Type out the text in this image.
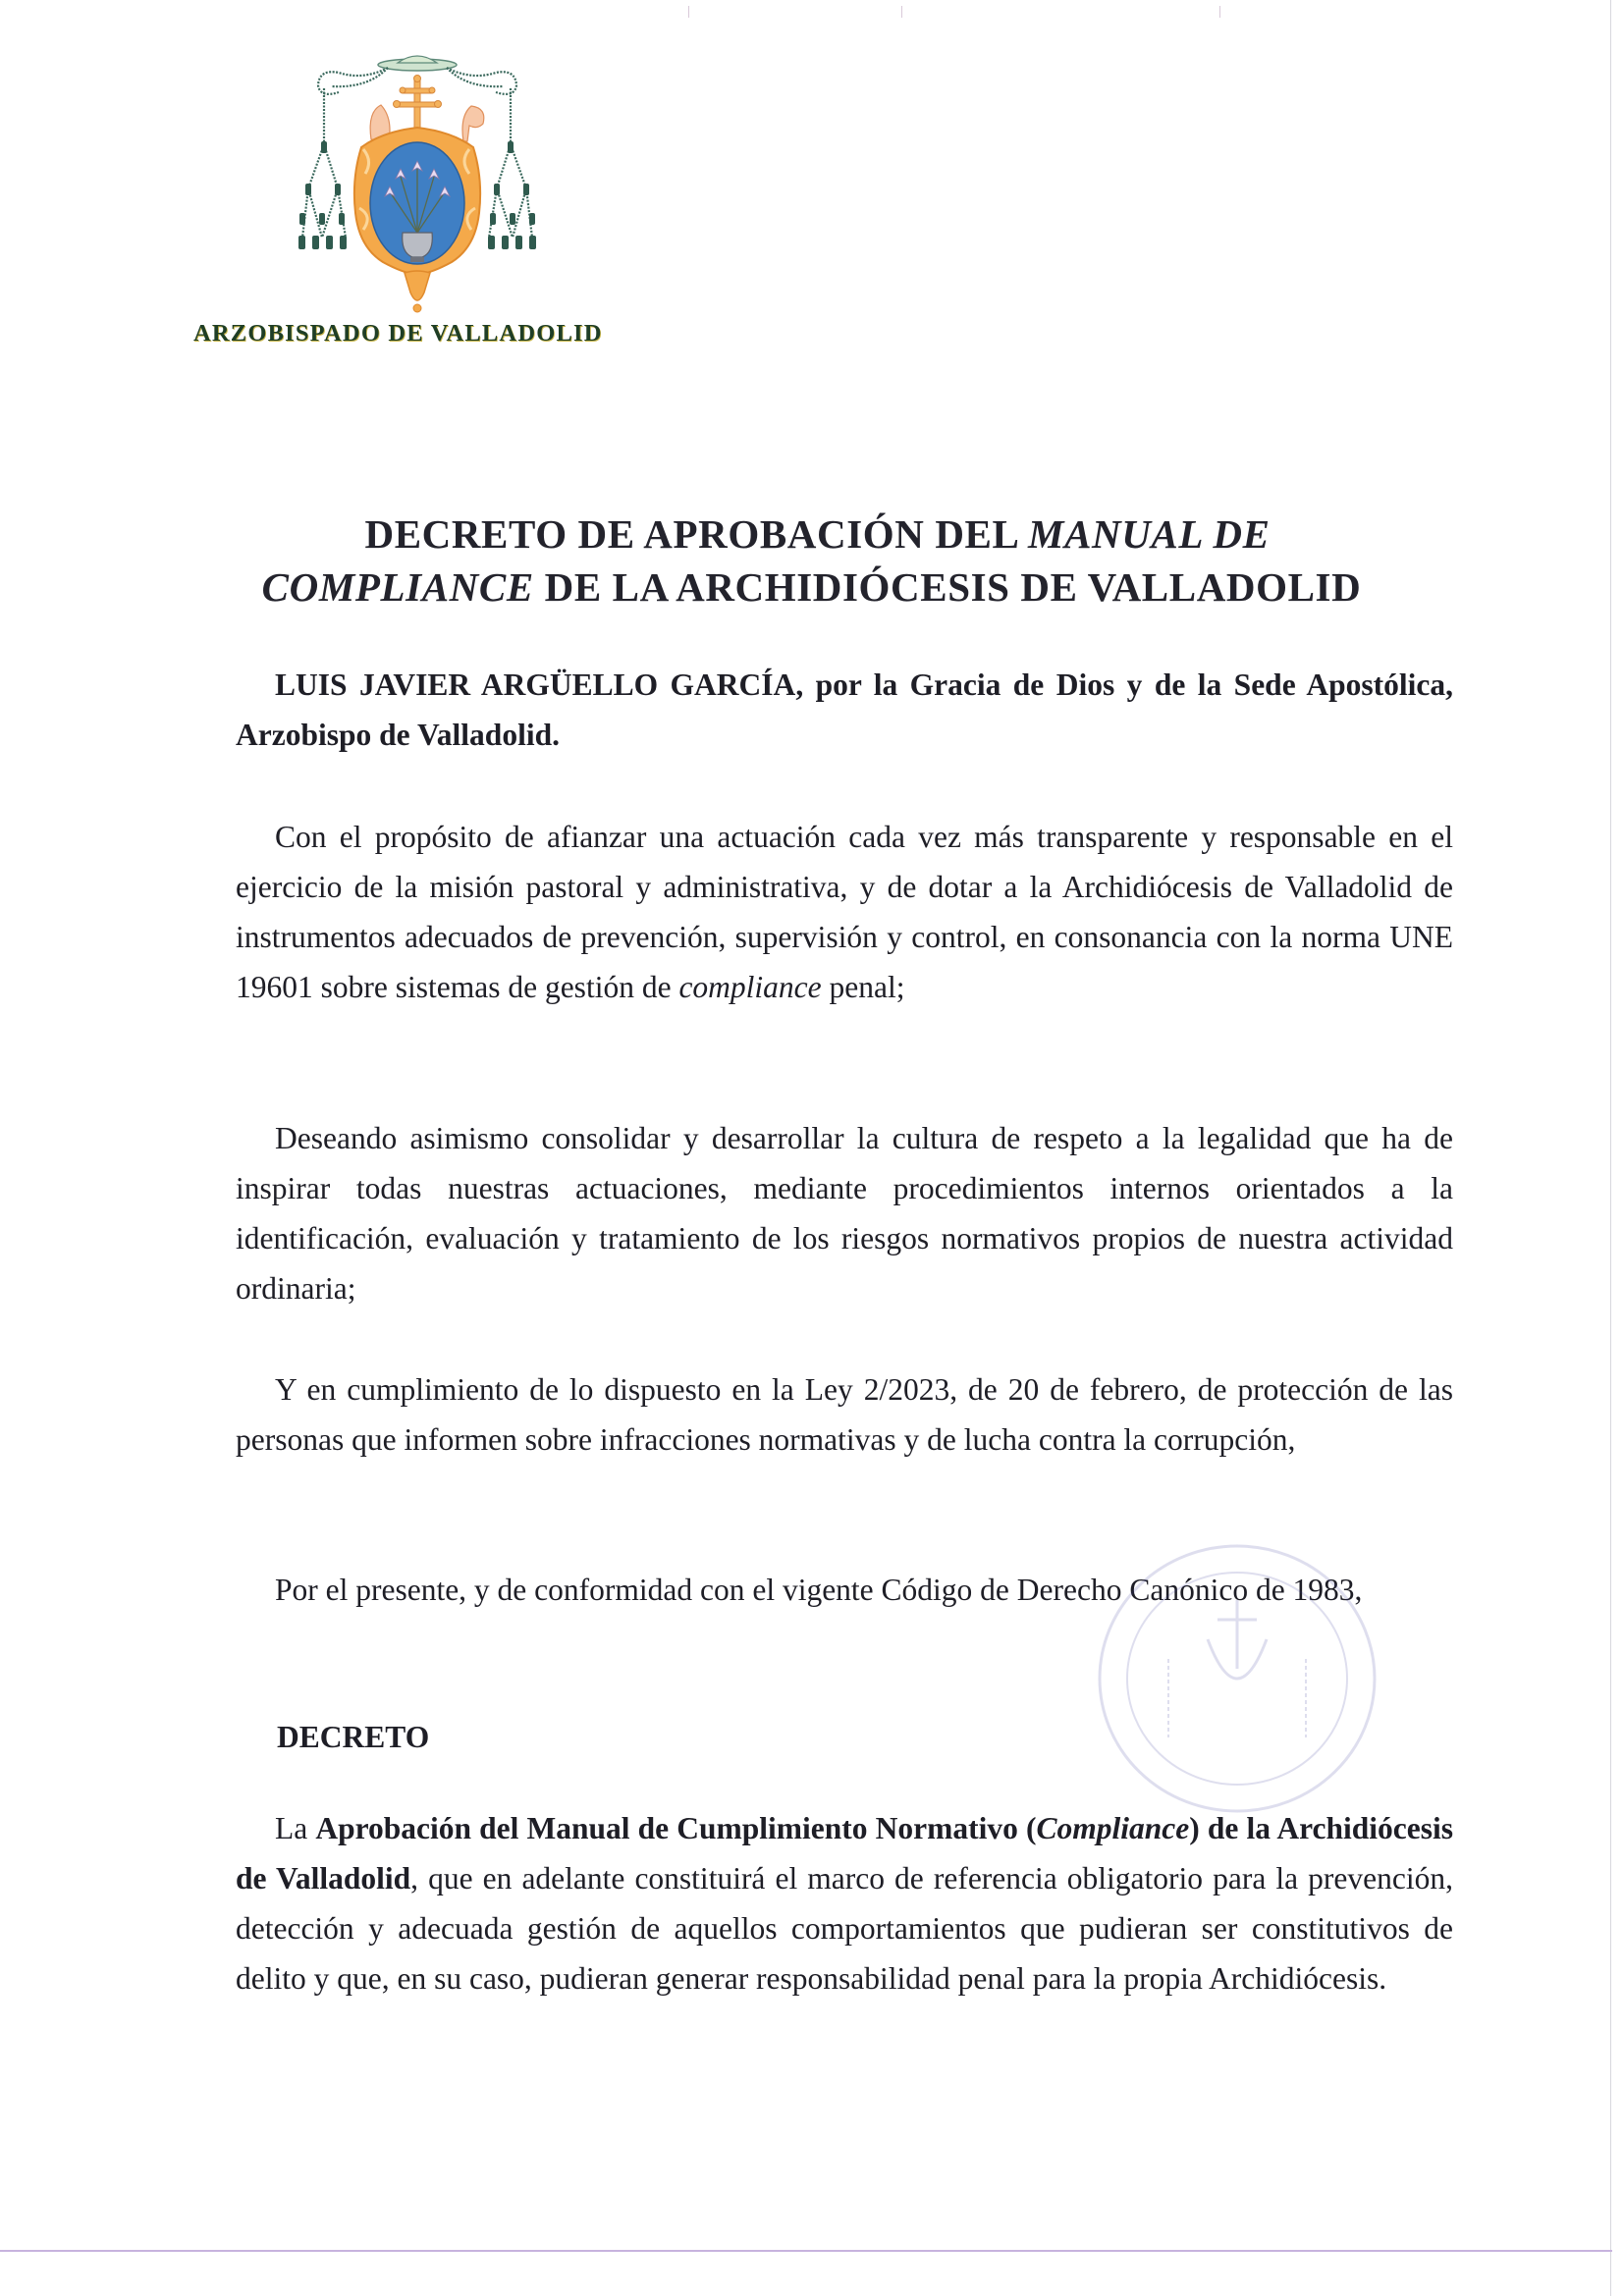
ARZOBISPADO DE VALLADOLID
DECRETO DE APROBACIÓN DEL MANUAL DE
COMPLIANCE DE LA ARCHIDIÓCESIS DE VALLADOLID

LUIS JAVIER ARGÜELLO GARCÍA, por la Gracia de Dios y de la Sede Apostólica, Arzobispo de Valladolid.

Con el propósito de afianzar una actuación cada vez más transparente y responsable en el ejercicio de la misión pastoral y administrativa, y de dotar a la Archidiócesis de Valladolid de instrumentos adecuados de prevención, supervisión y control, en consonancia con la norma UNE 19601 sobre sistemas de gestión de compliance penal;

Deseando asimismo consolidar y desarrollar la cultura de respeto a la legalidad que ha de inspirar todas nuestras actuaciones, mediante procedimientos internos orientados a la identificación, evaluación y tratamiento de los riesgos normativos propios de nuestra actividad ordinaria;

Y en cumplimiento de lo dispuesto en la Ley 2/2023, de 20 de febrero, de protección de las personas que informen sobre infracciones normativas y de lucha contra la corrupción,

Por el presente, y de conformidad con el vigente Código de Derecho Canónico de 1983,

DECRETO

La Aprobación del Manual de Cumplimiento Normativo (Compliance) de la Archidiócesis de Valladolid, que en adelante constituirá el marco de referencia obligatorio para la prevención, detección y adecuada gestión de aquellos comportamientos que pudieran ser constitutivos de delito y que, en su caso, pudieran generar responsabilidad penal para la propia Archidiócesis.
